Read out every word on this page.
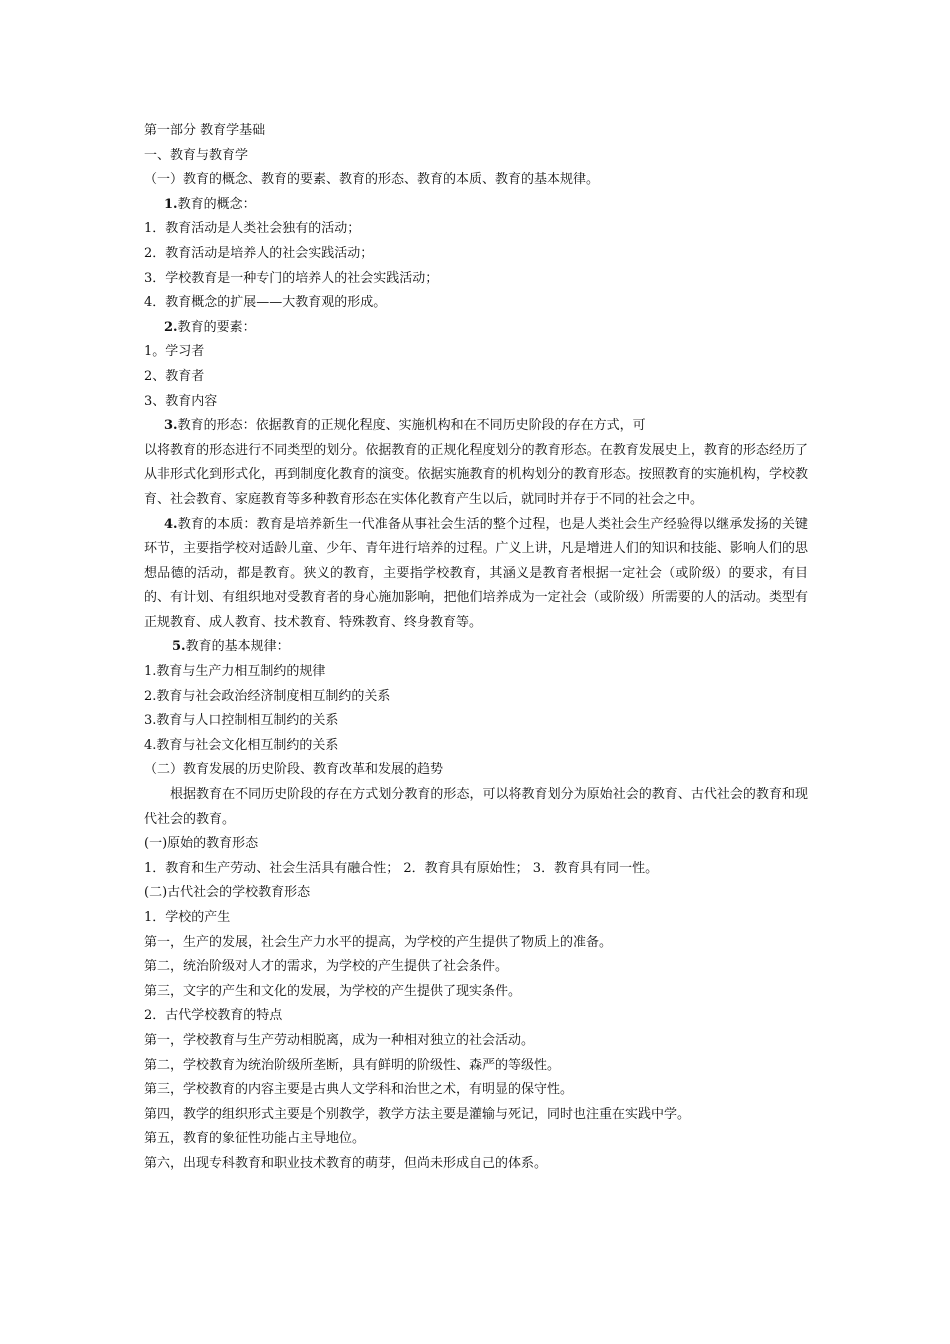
第一部分 教育学基础
一、教育与教育学
（一）教育的概念、教育的要素、教育的形态、教育的本质、教育的基本规律。
1.教育的概念：
1．教育活动是人类社会独有的活动；
2．教育活动是培养人的社会实践活动；
3．学校教育是一种专门的培养人的社会实践活动；
4．教育概念的扩展——大教育观的形成。
2.教育的要素：
1。学习者
2、教育者
3、教育内容
3.教育的形态：依据教育的正规化程度、实施机构和在不同历史阶段的存在方式，可
以将教育的形态进行不同类型的划分。依据教育的正规化程度划分的教育形态。在教育发展史上，教育的形态经历了从非形式化到形式化，再到制度化教育的演变。依据实施教育的机构划分的教育形态。按照教育的实施机构，学校教育、社会教育、家庭教育等多种教育形态在实体化教育产生以后，就同时并存于不同的社会之中。
4.教育的本质：教育是培养新生一代准备从事社会生活的整个过程，也是人类社会生产经验得以继承发扬的关键环节，主要指学校对适龄儿童、少年、青年进行培养的过程。广义上讲，凡是增进人们的知识和技能、影响人们的思想品德的活动，都是教育。狭义的教育，主要指学校教育，其涵义是教育者根据一定社会（或阶级）的要求，有目的、有计划、有组织地对受教育者的身心施加影响，把他们培养成为一定社会（或阶级）所需要的人的活动。类型有正规教育、成人教育、技术教育、特殊教育、终身教育等。
5.教育的基本规律：
1.教育与生产力相互制约的规律
2.教育与社会政治经济制度相互制约的关系
3.教育与人口控制相互制约的关系
4.教育与社会文化相互制约的关系
（二）教育发展的历史阶段、教育改革和发展的趋势
根据教育在不同历史阶段的存在方式划分教育的形态，可以将教育划分为原始社会的教育、古代社会的教育和现代社会的教育。
(一)原始的教育形态
1．教育和生产劳动、社会生活具有融合性； 2．教育具有原始性； 3．教育具有同一性。
(二)古代社会的学校教育形态
1．学校的产生
第一，生产的发展，社会生产力水平的提高，为学校的产生提供了物质上的准备。
第二，统治阶级对人才的需求，为学校的产生提供了社会条件。
第三，文字的产生和文化的发展，为学校的产生提供了现实条件。
2．古代学校教育的特点
第一，学校教育与生产劳动相脱离，成为一种相对独立的社会活动。
第二，学校教育为统治阶级所垄断，具有鲜明的阶级性、森严的等级性。
第三，学校教育的内容主要是古典人文学科和治世之术，有明显的保守性。
第四，教学的组织形式主要是个别教学，教学方法主要是灌输与死记，同时也注重在实践中学。
第五，教育的象征性功能占主导地位。
第六，出现专科教育和职业技术教育的萌芽，但尚未形成自己的体系。
